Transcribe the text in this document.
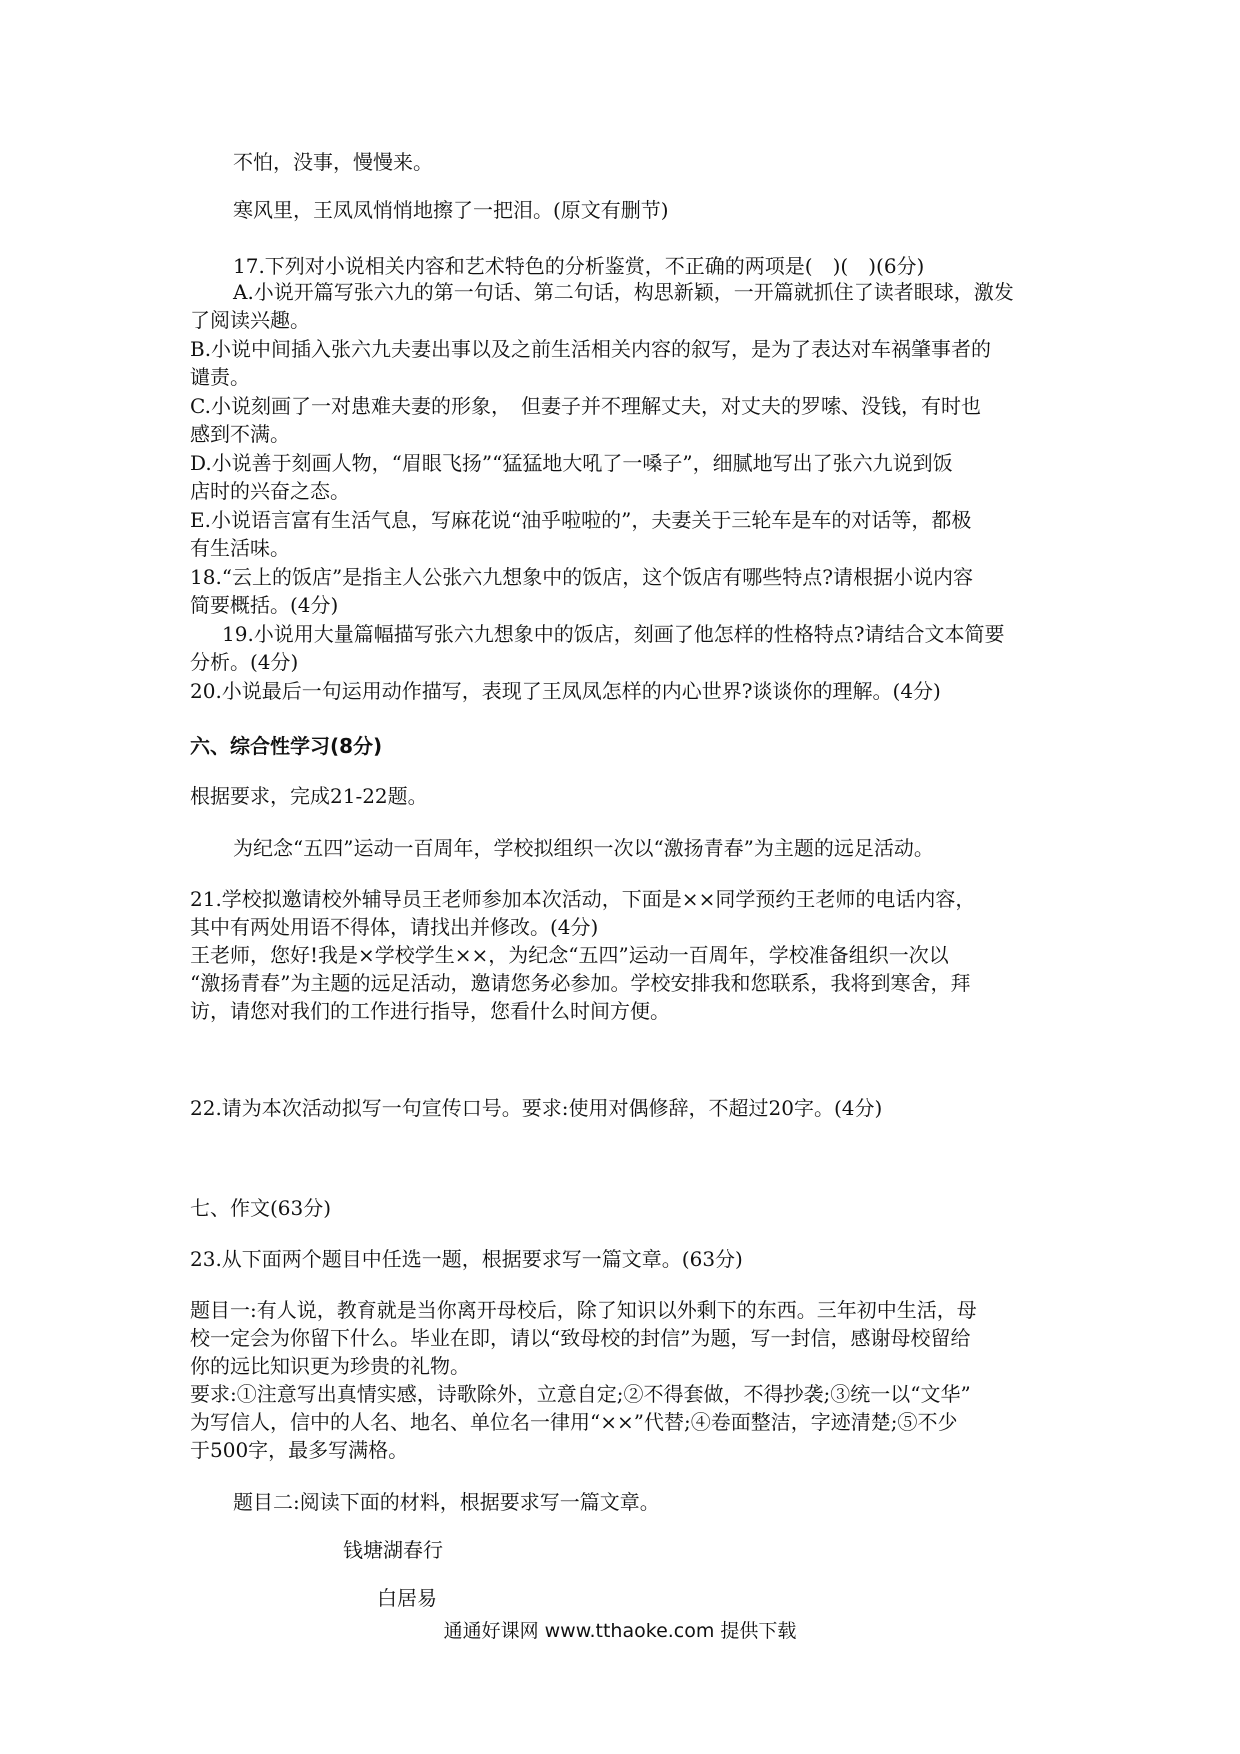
不怕，没事，慢慢来。
寒风里，王凤凤悄悄地擦了一把泪。(原文有删节)
17.下列对小说相关内容和艺术特色的分析鉴赏，不正确的两项是(　)(　)(6分)
A.小说开篇写张六九的第一句话、第二句话，构思新颖，一开篇就抓住了读者眼球，激发
了阅读兴趣。
B.小说中间插入张六九夫妻出事以及之前生活相关内容的叙写，是为了表达对车祸肇事者的
谴责。
C.小说刻画了一对患难夫妻的形象，　但妻子并不理解丈夫，对丈夫的罗嗦、没钱，有时也
感到不满。
D.小说善于刻画人物，“眉眼飞扬”“猛猛地大吼了一嗓子”，细腻地写出了张六九说到饭
店时的兴奋之态。
E.小说语言富有生活气息，写麻花说“油乎啦啦的”，夫妻关于三轮车是车的对话等，都极
有生活味。
18.“云上的饭店”是指主人公张六九想象中的饭店，这个饭店有哪些特点?请根据小说内容
简要概括。(4分)
19.小说用大量篇幅描写张六九想象中的饭店，刻画了他怎样的性格特点?请结合文本简要
分析。(4分)
20.小说最后一句运用动作描写，表现了王凤凤怎样的内心世界?谈谈你的理解。(4分)
六、综合性学习(8分)
根据要求，完成21-22题。
为纪念“五四”运动一百周年，学校拟组织一次以“激扬青春”为主题的远足活动。
21.学校拟邀请校外辅导员王老师参加本次活动，下面是××同学预约王老师的电话内容，
其中有两处用语不得体，请找出并修改。(4分)
王老师，您好!我是×学校学生××，为纪念“五四”运动一百周年，学校准备组织一次以
“激扬青春”为主题的远足活动，邀请您务必参加。学校安排我和您联系，我将到寒舍，拜
访，请您对我们的工作进行指导，您看什么时间方便。
22.请为本次活动拟写一句宣传口号。要求:使用对偶修辞，不超过20字。(4分)
七、作文(63分)
23.从下面两个题目中任选一题，根据要求写一篇文章。(63分)
题目一:有人说，教育就是当你离开母校后，除了知识以外剩下的东西。三年初中生活，母
校一定会为你留下什么。毕业在即，请以“致母校的封信”为题，写一封信，感谢母校留给
你的远比知识更为珍贵的礼物。
要求:①注意写出真情实感，诗歌除外，立意自定;②不得套做，不得抄袭;③统一以“文华”
为写信人，信中的人名、地名、单位名一律用“××”代替;④卷面整洁，字迹清楚;⑤不少
于500字，最多写满格。
题目二:阅读下面的材料，根据要求写一篇文章。
钱塘湖春行
白居易
通通好课网 www.tthaoke.com 提供下载
